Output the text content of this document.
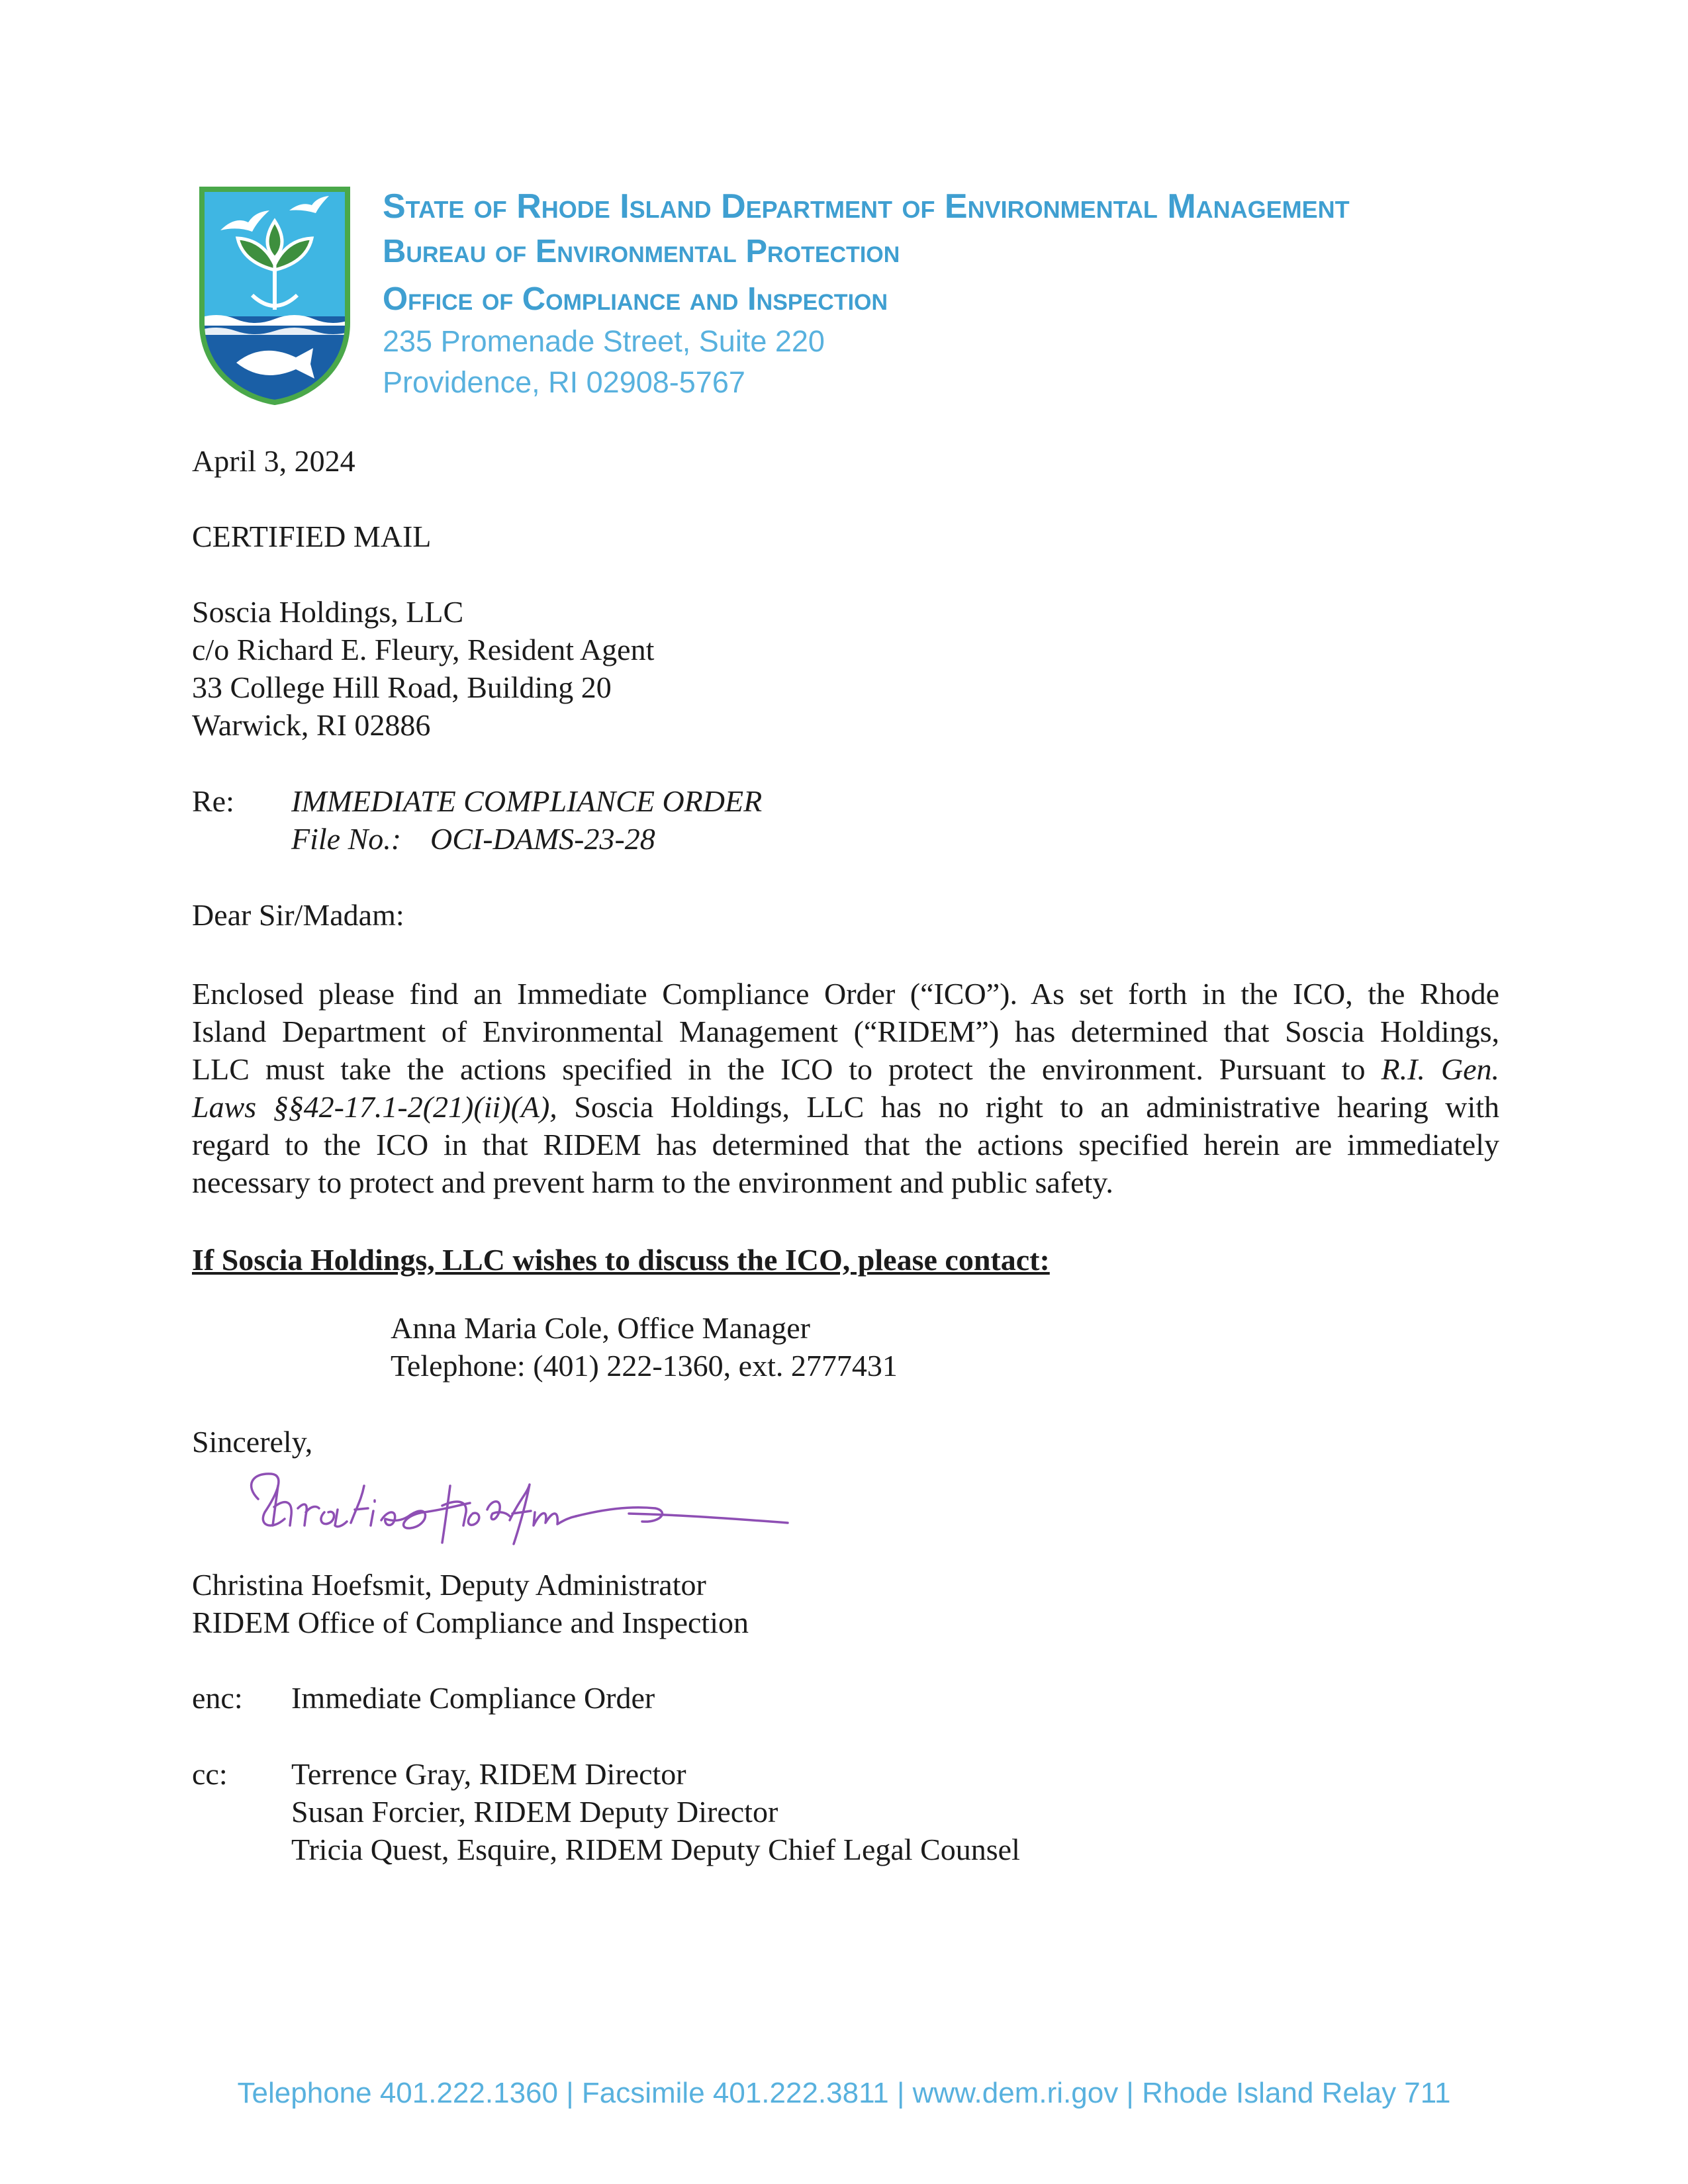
State of Rhode Island Department of Environmental Management
Bureau of Environmental Protection
Office of Compliance and Inspection
235 Promenade Street, Suite 220
Providence, RI 02908-5767
April 3, 2024
CERTIFIED MAIL
Soscia Holdings, LLC
c/o Richard E. Fleury, Resident Agent
33 College Hill Road, Building 20
Warwick, RI 02886
Re: IMMEDIATE COMPLIANCE ORDER
File No.: OCI-DAMS-23-28
Dear Sir/Madam:
Enclosed please find an Immediate Compliance Order (“ICO”). As set forth in the ICO, the Rhode
Island Department of Environmental Management (“RIDEM”) has determined that Soscia Holdings,
LLC must take the actions specified in the ICO to protect the environment. Pursuant to R.I. Gen.
Laws §§42-17.1-2(21)(ii)(A), Soscia Holdings, LLC has no right to an administrative hearing with
regard to the ICO in that RIDEM has determined that the actions specified herein are immediately
necessary to protect and prevent harm to the environment and public safety.
If Soscia Holdings, LLC wishes to discuss the ICO, please contact:
Anna Maria Cole, Office Manager
Telephone: (401) 222-1360, ext. 2777431
Sincerely,
Christina Hoefsmit, Deputy Administrator
RIDEM Office of Compliance and Inspection
enc: Immediate Compliance Order
cc: Terrence Gray, RIDEM Director
Susan Forcier, RIDEM Deputy Director
Tricia Quest, Esquire, RIDEM Deputy Chief Legal Counsel
Telephone 401.222.1360 | Facsimile 401.222.3811 | www.dem.ri.gov | Rhode Island Relay 711
